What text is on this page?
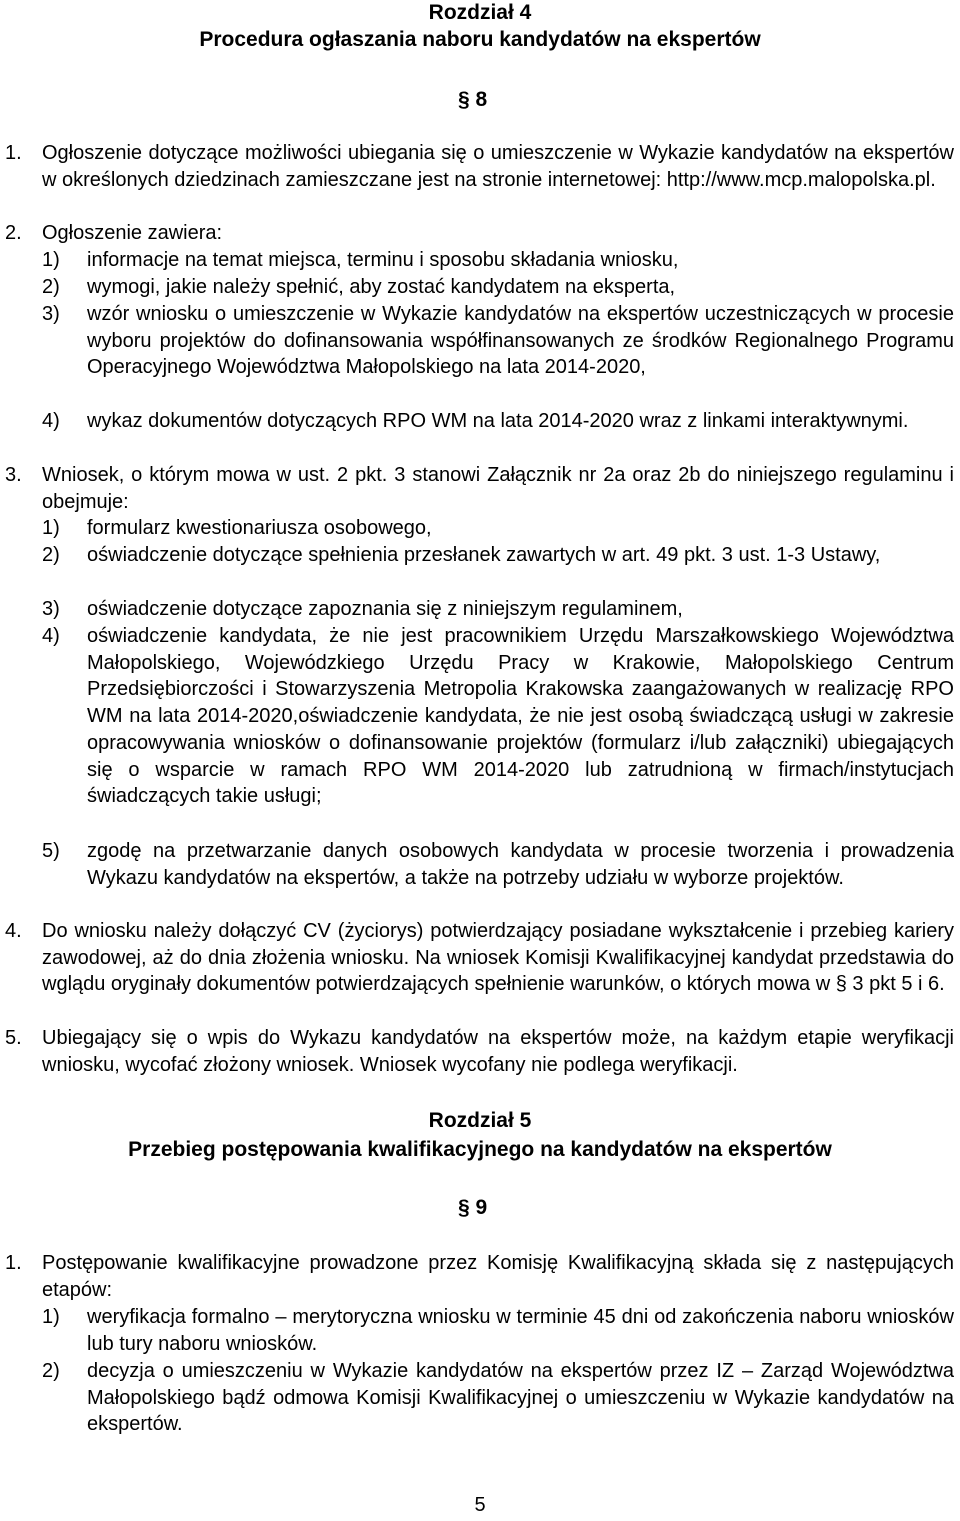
Rozdział 4
Procedura ogłaszania naboru kandydatów na ekspertów
§ 8
1. Ogłoszenie dotyczące możliwości ubiegania się o umieszczenie w Wykazie kandydatów na ekspertów w określonych dziedzinach zamieszczane jest na stronie internetowej: http://www.mcp.malopolska.pl.

2. Ogłoszenie zawiera:

1) informacje na temat miejsca, terminu i sposobu składania wniosku,

2) wymogi, jakie należy spełnić, aby zostać kandydatem na eksperta,

3) wzór wniosku o umieszczenie w Wykazie kandydatów na ekspertów uczestniczących w procesie wyboru projektów do dofinansowania współfinansowanych ze środków Regionalnego Programu Operacyjnego Województwa Małopolskiego na lata 2014-2020,

4) wykaz dokumentów dotyczących RPO WM na lata 2014-2020 wraz z linkami interaktywnymi.

3. Wniosek, o którym mowa w ust. 2 pkt. 3 stanowi Załącznik nr 2a oraz 2b do niniejszego regulaminu i obejmuje:

1) formularz kwestionariusza osobowego,

2) oświadczenie dotyczące spełnienia przesłanek zawartych w art. 49 pkt. 3 ust. 1-3 Ustawy,

3) oświadczenie dotyczące zapoznania się z niniejszym regulaminem,

4) oświadczenie kandydata, że nie jest pracownikiem Urzędu Marszałkowskiego Województwa Małopolskiego, Wojewódzkiego Urzędu Pracy w Krakowie, Małopolskiego Centrum Przedsiębiorczości i Stowarzyszenia Metropolia Krakowska zaangażowanych w realizację RPO WM na lata 2014-2020,oświadczenie kandydata, że nie jest osobą świadczącą usługi w zakresie opracowywania wniosków o dofinansowanie projektów (formularz i/lub załączniki) ubiegających się o wsparcie w ramach RPO WM 2014-2020 lub zatrudnioną w firmach/instytucjach świadczących takie usługi;

5) zgodę na przetwarzanie danych osobowych kandydata w procesie tworzenia i prowadzenia Wykazu kandydatów na ekspertów, a także na potrzeby udziału w wyborze projektów.

4. Do wniosku należy dołączyć CV (życiorys) potwierdzający posiadane wykształcenie i przebieg kariery zawodowej, aż do dnia złożenia wniosku. Na wniosek Komisji Kwalifikacyjnej kandydat przedstawia do wglądu oryginały dokumentów potwierdzających spełnienie warunków, o których mowa w § 3 pkt 5 i 6.

5. Ubiegający się o wpis do Wykazu kandydatów na ekspertów może, na każdym etapie weryfikacji wniosku, wycofać złożony wniosek. Wniosek wycofany nie podlega weryfikacji.

Rozdział 5
Przebieg postępowania kwalifikacyjnego na kandydatów na ekspertów
§ 9
1. Postępowanie kwalifikacyjne prowadzone przez Komisję Kwalifikacyjną składa się z następujących etapów:

1) weryfikacja formalno – merytoryczna wniosku w terminie 45 dni od zakończenia naboru wniosków lub tury naboru wniosków.

2) decyzja o umieszczeniu w Wykazie kandydatów na ekspertów przez IZ – Zarząd Województwa Małopolskiego bądź odmowa Komisji Kwalifikacyjnej o umieszczeniu w Wykazie kandydatów na ekspertów.

5
